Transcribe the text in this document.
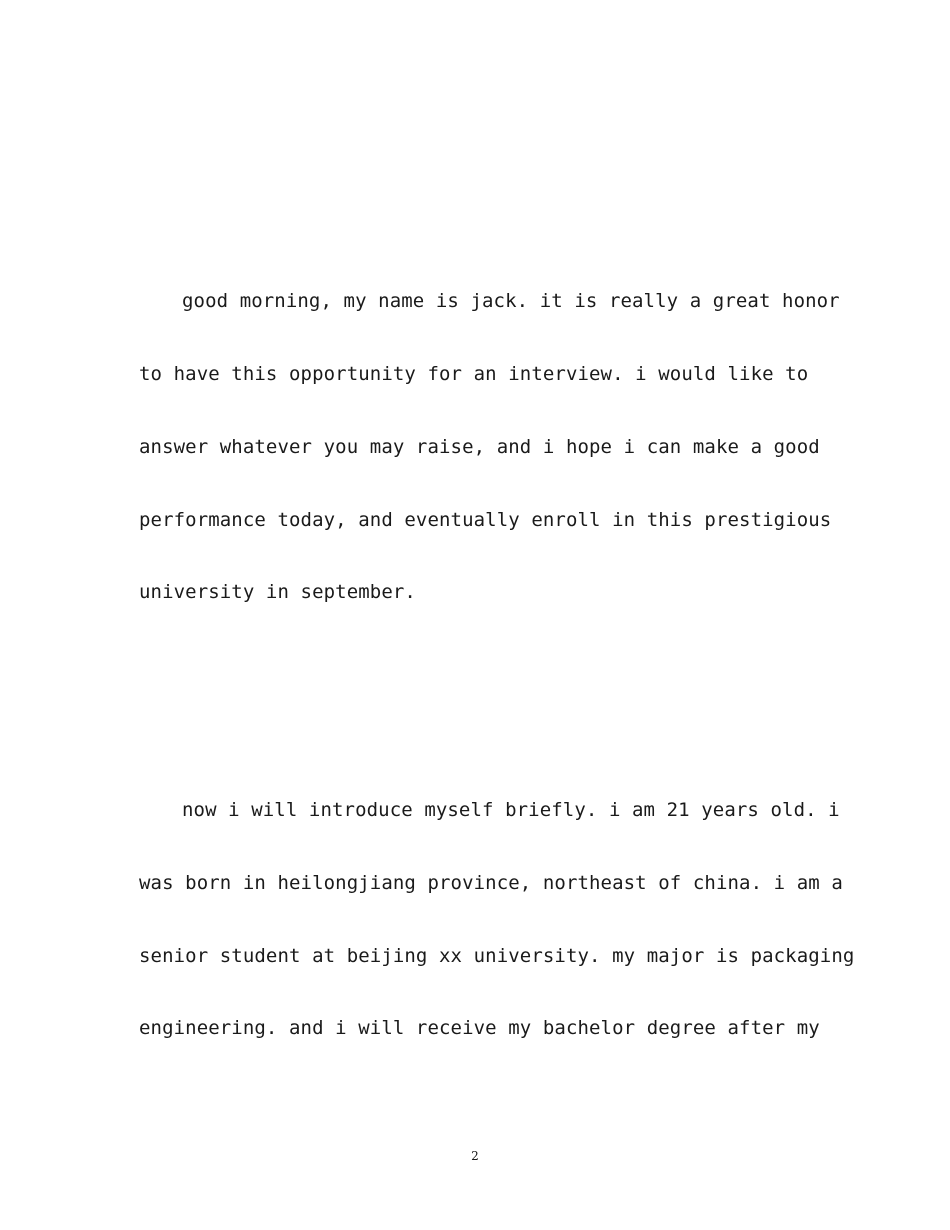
good morning, my name is jack. it is really a great honor
to have this opportunity for an interview. i would like to
answer whatever you may raise, and i hope i can make a good
performance today, and eventually enroll in this prestigious
university in september.
now i will introduce myself briefly. i am 21 years old. i
was born in heilongjiang province, northeast of china. i am a
senior student at beijing xx university. my major is packaging
engineering. and i will receive my bachelor degree after my
2
